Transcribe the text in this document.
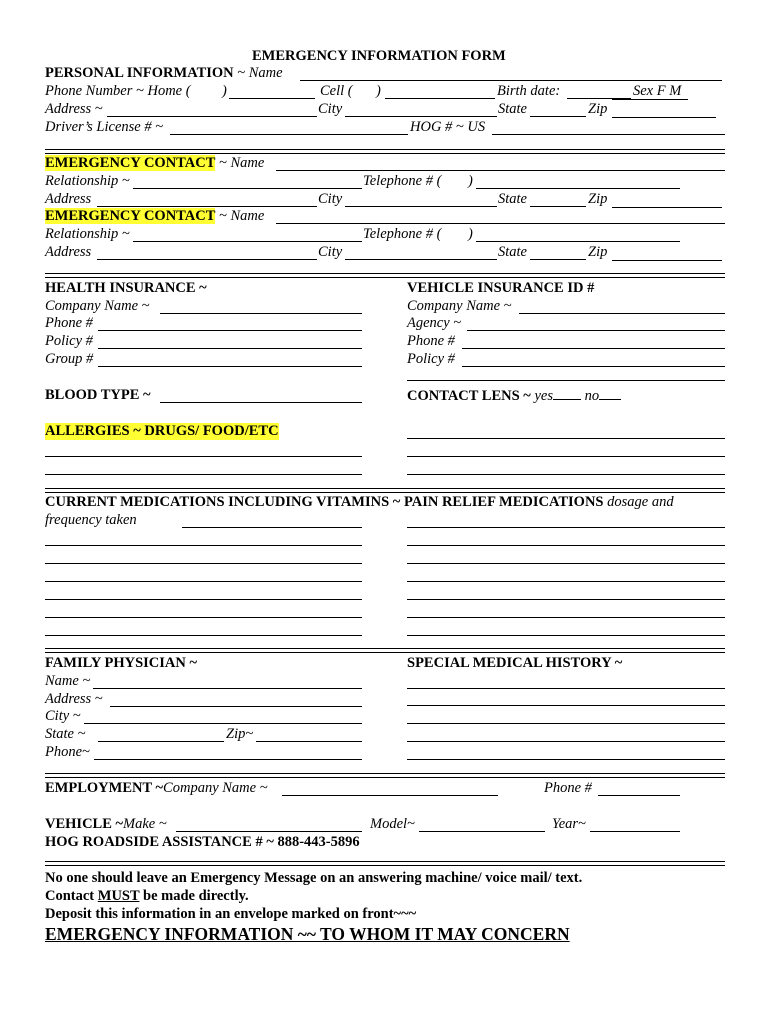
EMERGENCY INFORMATION FORM
PERSONAL INFORMATION ~ Name
Phone Number ~ Home ( )	Cell ( )	Birth date:	Sex F M
Address ~	City	State	Zip
Driver’s License # ~	HOG # ~ US
EMERGENCY CONTACT ~ Name
Relationship ~	Telephone # ( )
Address	City	State	Zip
EMERGENCY CONTACT ~ Name
Relationship ~	Telephone # ( )
Address	City	State	Zip
HEALTH INSURANCE ~
Company Name ~
Phone #
Policy #
Group #
VEHICLE INSURANCE ID #
Company Name ~
Agency ~
Phone #
Policy #
BLOOD TYPE ~	CONTACT LENS ~ yes no
ALLERGIES ~ DRUGS/ FOOD/ETC
CURRENT MEDICATIONS INCLUDING VITAMINS ~ PAIN RELIEF MEDICATIONS dosage and
frequency taken
FAMILY PHYSICIAN ~
Name ~
Address ~
City ~
State ~	Zip~
Phone~
SPECIAL MEDICAL HISTORY ~
EMPLOYMENT ~Company Name ~	Phone #
VEHICLE ~Make ~	Model~	Year~
HOG ROADSIDE ASSISTANCE # ~ 888-443-5896
No one should leave an Emergency Message on an answering machine/ voice mail/ text.
Contact MUST be made directly.
Deposit this information in an envelope marked on front~~~
EMERGENCY INFORMATION ~~ TO WHOM IT MAY CONCERN
